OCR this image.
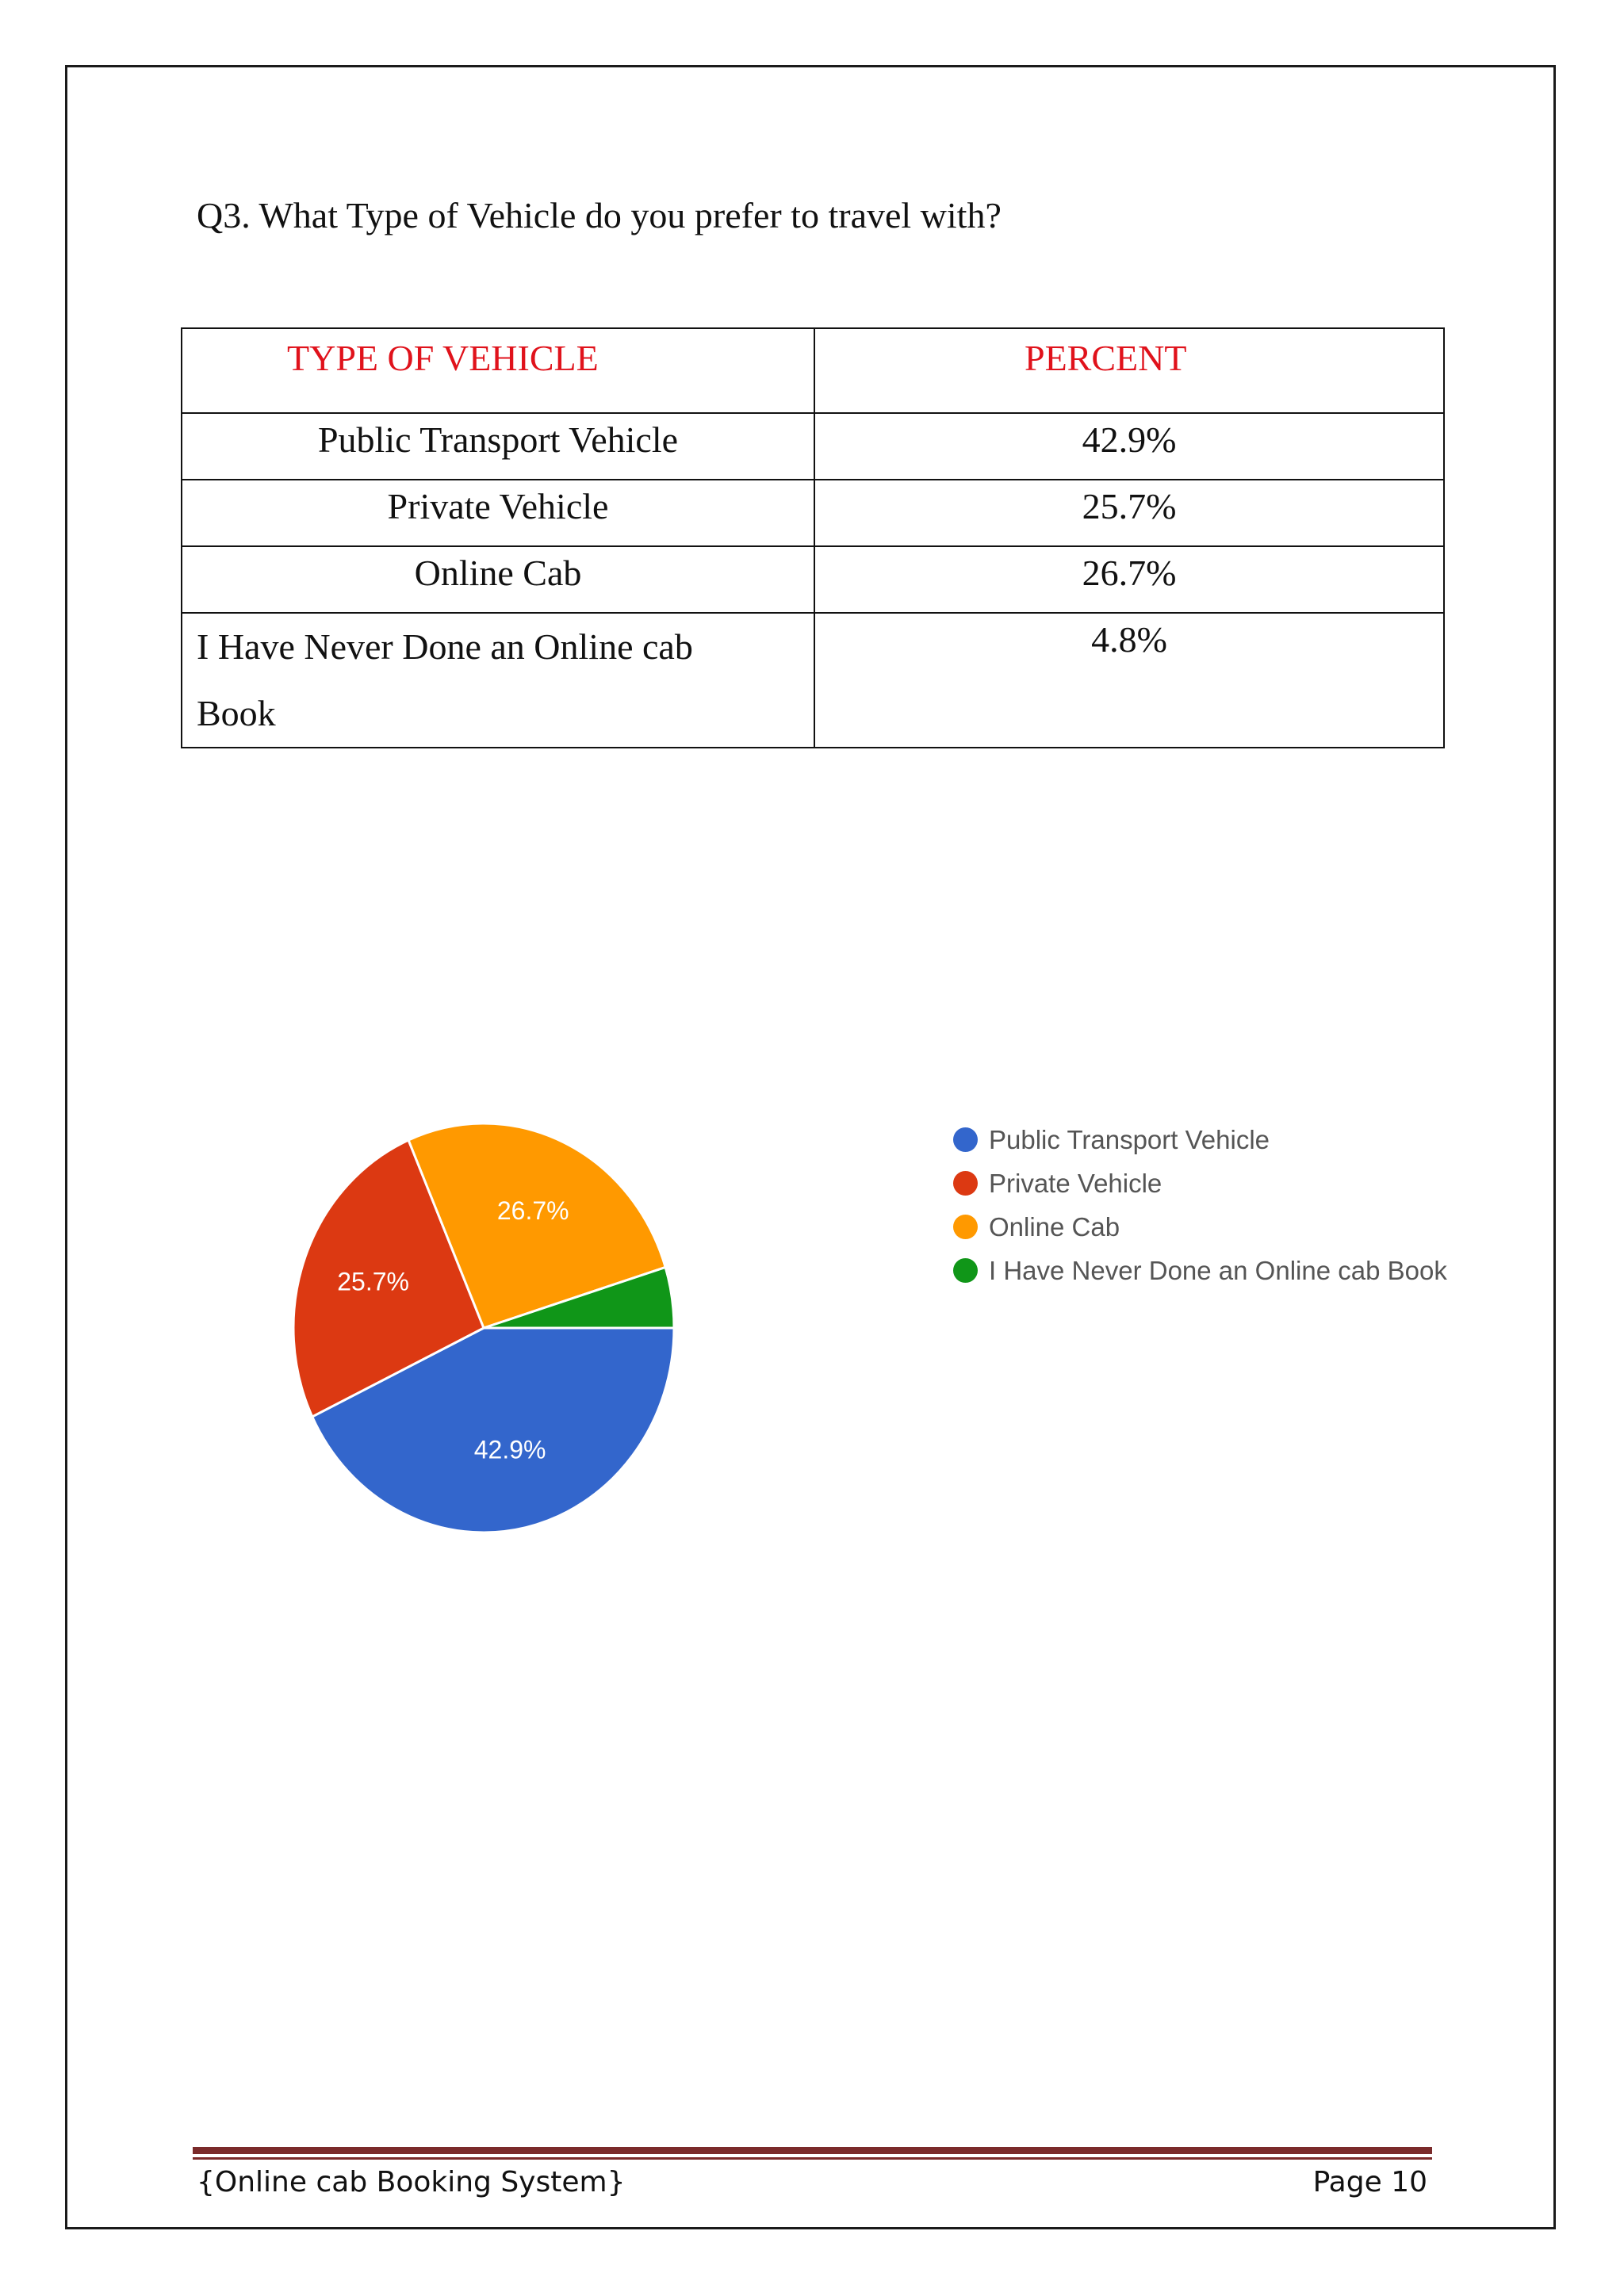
Q3. What Type of Vehicle do you prefer to travel with?
TYPE OF VEHICLE	PERCENT

Public Transport Vehicle	42.9%

Private Vehicle	25.7%

Online Cab	26.7%

I Have Never Done an Online cab Book	4.8%
42.9%
25.7%
26.7%
Public Transport Vehicle
Private Vehicle
Online Cab
I Have Never Done an Online cab Book
{Online cab Booking System}	Page 10
